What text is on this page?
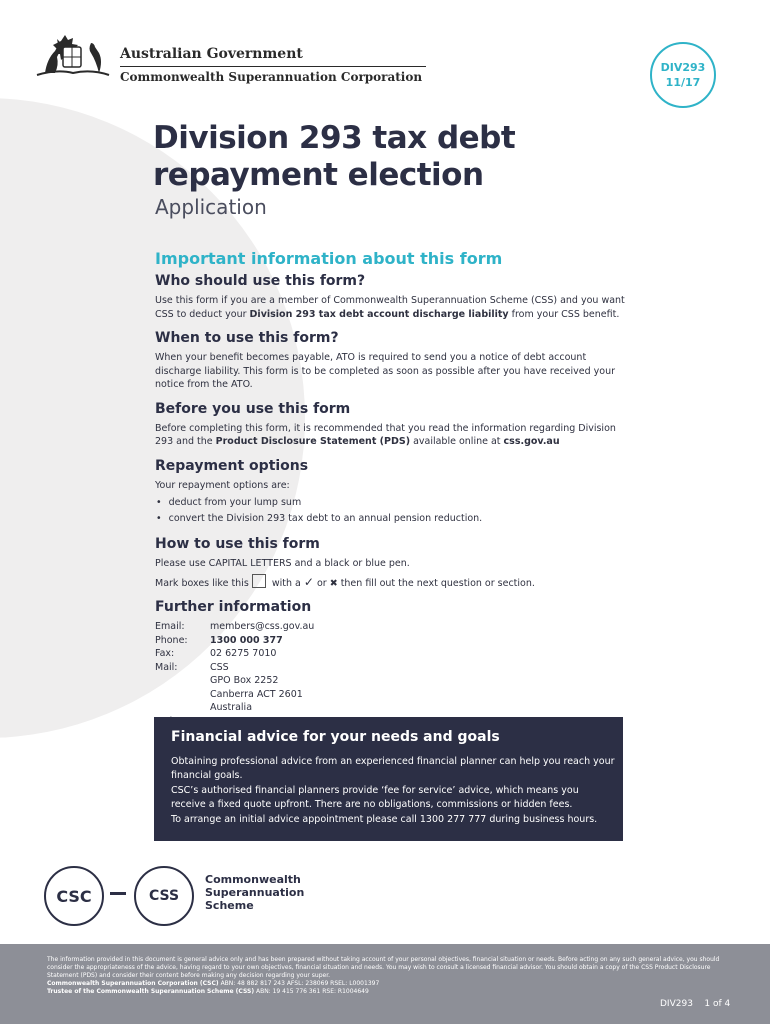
Australian Government
Commonwealth Superannuation Corporation
DIV293
11/17
Division 293 tax debt
repayment election
Application
Important information about this form
Who should use this form?

Use this form if you are a member of Commonwealth Superannuation Scheme (CSS) and you want CSS to deduct your Division 293 tax debt account discharge liability from your CSS benefit.

When to use this form?

When your benefit becomes payable, ATO is required to send you a notice of debt account discharge liability. This form is to be completed as soon as possible after you have received your notice from the ATO.

Before you use this form

Before completing this form, it is recommended that you read the information regarding Division 293 and the Product Disclosure Statement (PDS) available online at css.gov.au

Repayment options

Your repayment options are:

• deduct from your lump sum
• convert the Division 293 tax debt to an annual pension reduction.
How to use this form

Please use CAPITAL LETTERS and a black or blue pen.

Mark boxes like this with a ✓ or ✖ then fill out the next question or section.

Further information
Email:	members@css.gov.au
Phone:	1300 000 377
Fax:	02 6275 7010
Mail:	CSS
GPO Box 2252
Canberra ACT 2601
Australia
Financial advice for your needs and goals

Obtaining professional advice from an experienced financial planner can help you reach your financial goals.

CSC’s authorised financial planners provide ‘fee for service’ advice, which means you receive a fixed quote upfront. There are no obligations, commissions or hidden fees.

To arrange an initial advice appointment please call 1300 277 777 during business hours.

CSC	CSS
Commonwealth
Superannuation
Scheme
The information provided in this document is general advice only and has been prepared without taking account of your personal objectives, financial situation or needs. Before acting on any such general advice, you should consider the appropriateness of the advice, having regard to your own objectives, financial situation and needs. You may wish to consult a licensed financial advisor. You should obtain a copy of the CSS Product Disclosure Statement (PDS) and consider their content before making any decision regarding your super.
Commonwealth Superannuation Corporation (CSC) ABN: 48 882 817 243 AFSL: 238069 RSEL: L0001397
Trustee of the Commonwealth Superannuation Scheme (CSS) ABN: 19 415 776 361 RSE: R1004649
DIV293 1 of 4
